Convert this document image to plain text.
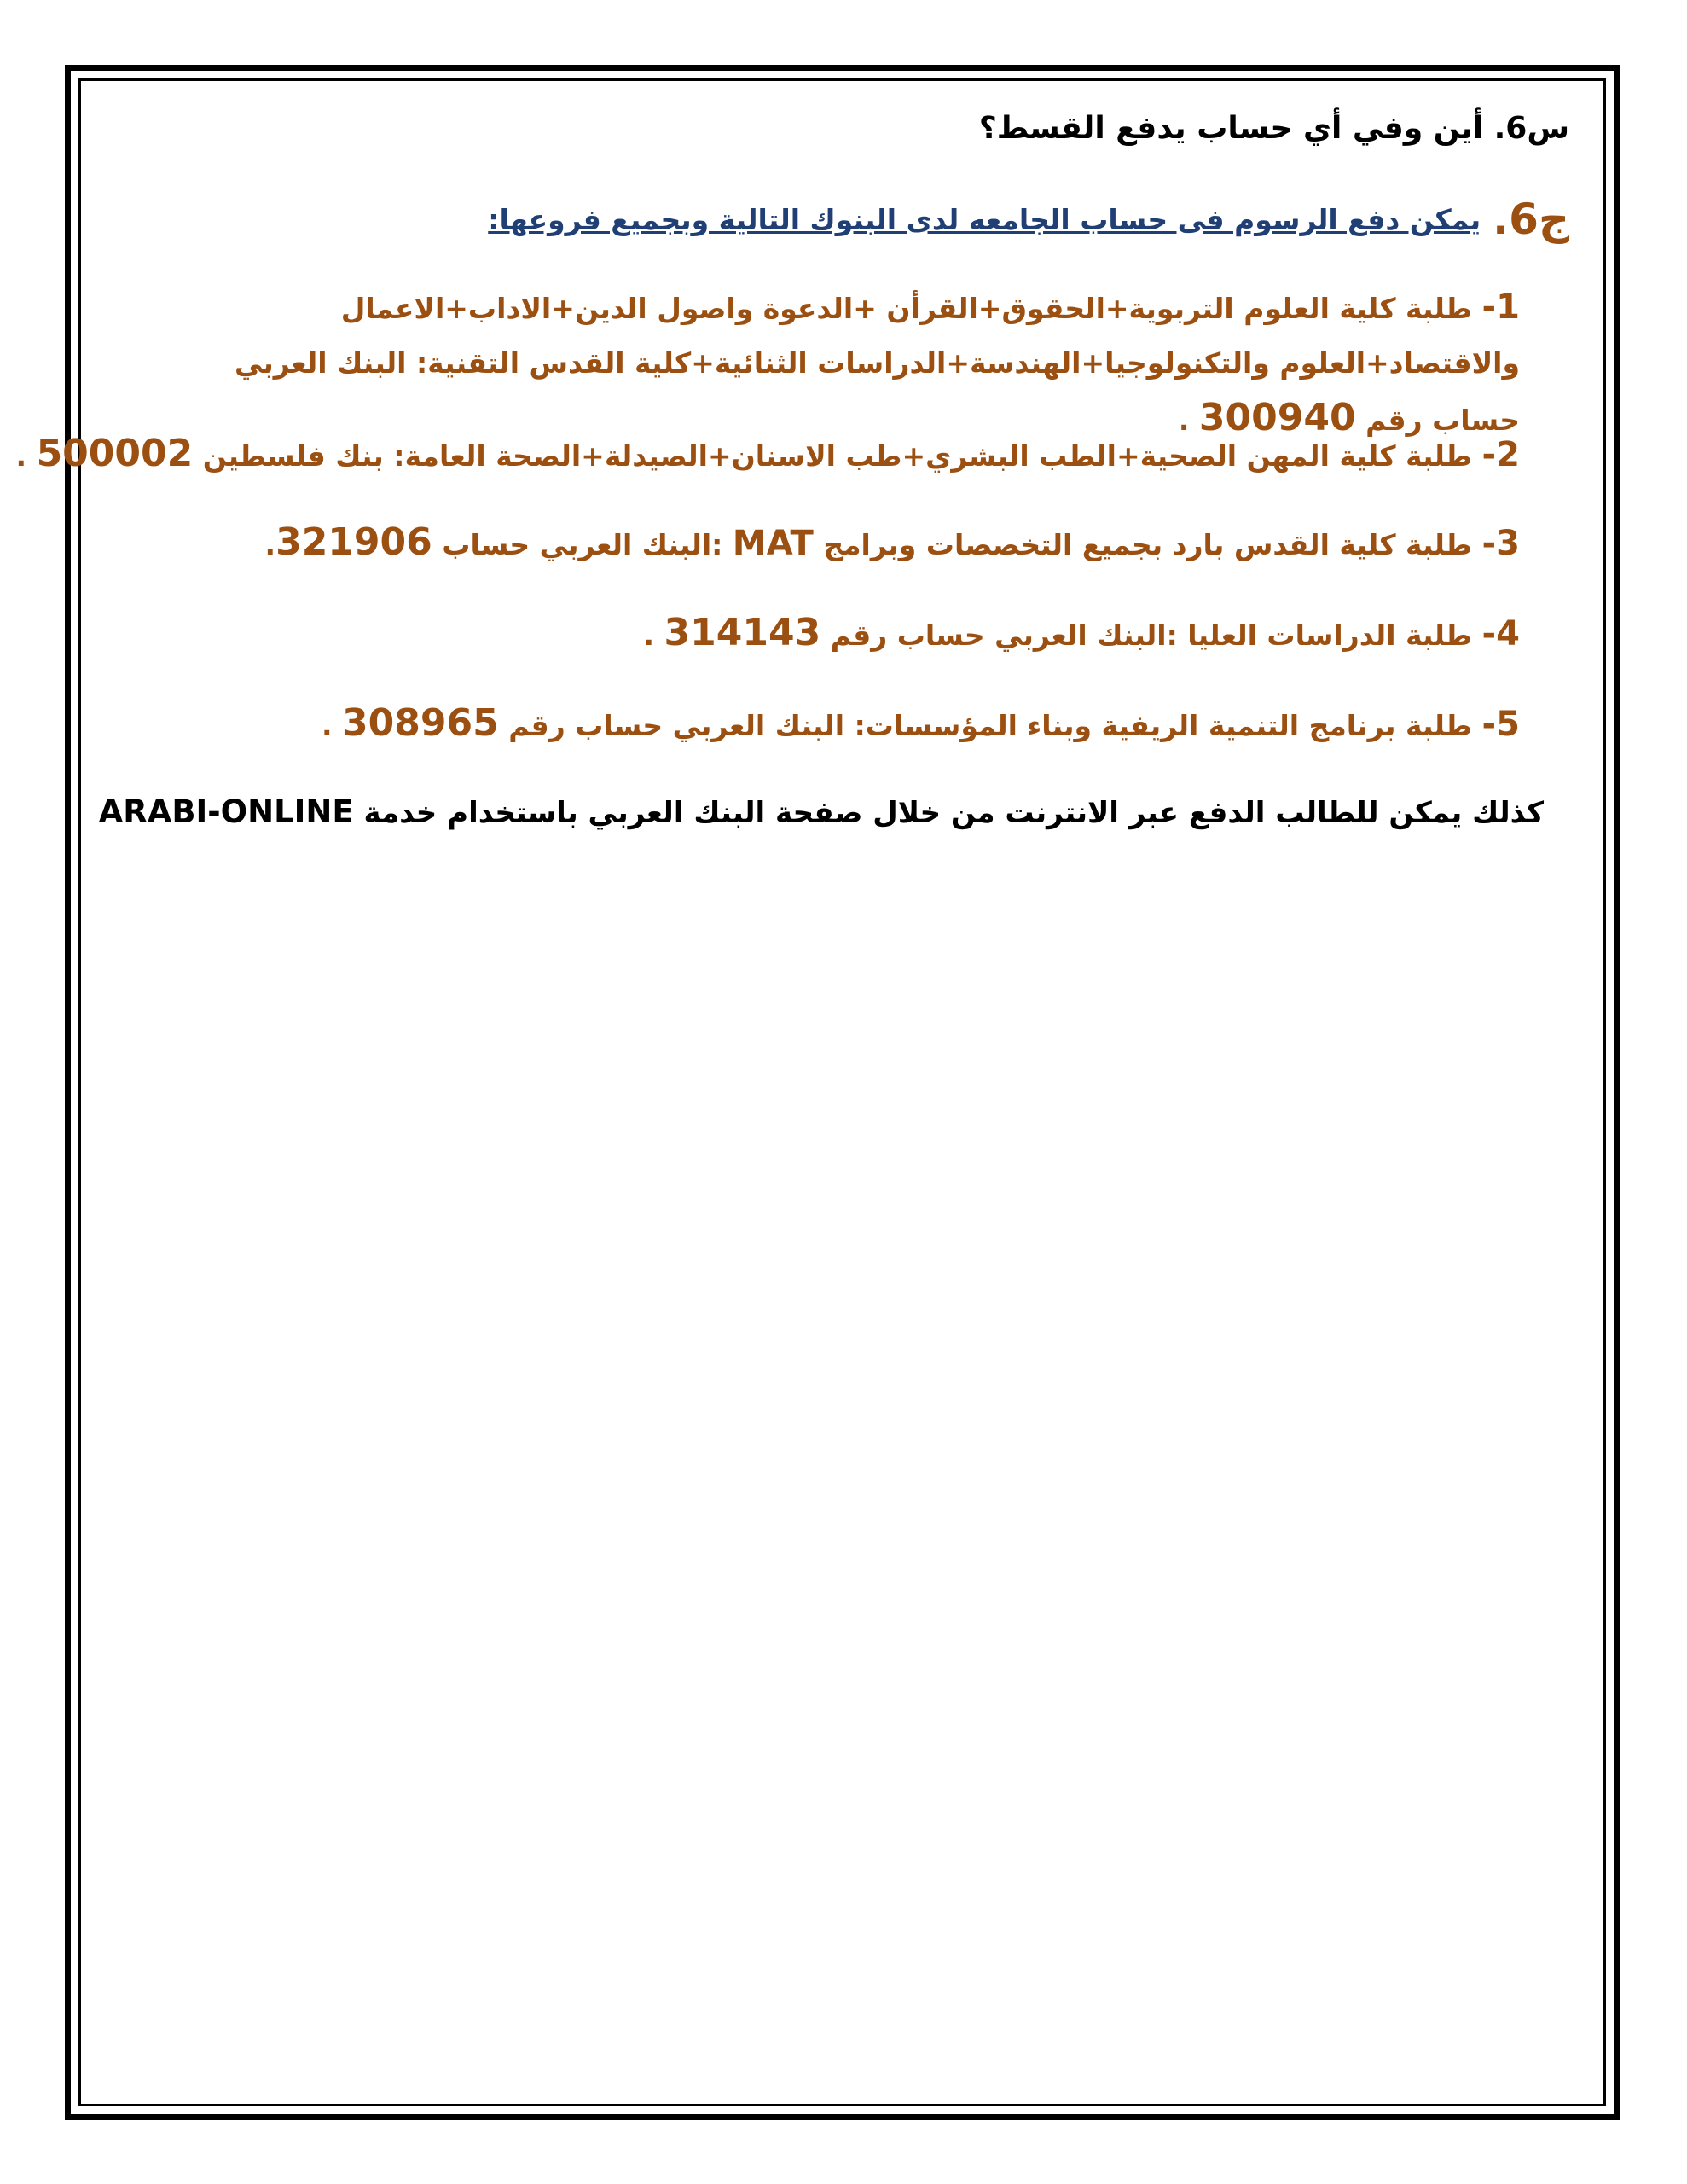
س6. أين وفي أي حساب يدفع القسط؟
ج6.يمكن دفع الرسوم فى حساب الجامعه لدى البنوك التالية وبجميع فروعها:
1- طلبة كلية العلوم التربوية+الحقوق+القرأن +الدعوة واصول الدين+الاداب+الاعمال والاقتصاد+العلوم والتكنولوجيا+الهندسة+الدراسات الثنائية+كلية القدس التقنية: البنك العربي حساب رقم 300940 .
2- طلبة كلية المهن الصحية+الطب البشري+طب الاسنان+الصيدلة+الصحة العامة: بنك فلسطين 500002 .
3- طلبة كلية القدس بارد بجميع التخصصات وبرامج MAT :البنك العربي حساب 321906.
4- طلبة الدراسات العليا :البنك العربي حساب رقم 314143 .
5- طلبة برنامج التنمية الريفية وبناء المؤسسات: البنك العربي حساب رقم 308965 .
كذلك يمكن للطالب الدفع عبر الانترنت من خلال صفحة البنك العربي باستخدام خدمة ARABI-ONLINE
